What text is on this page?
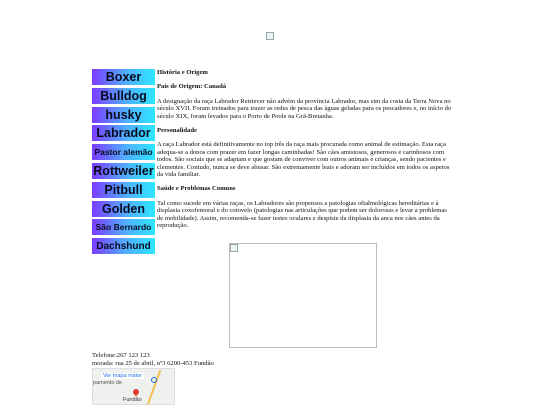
Boxer
Bulldog
husky
Labrador
Pastor alemão
Rottweiler
Pitbull
Golden
São Bernardo
Dachshund
História e Origem
País de Origem: Canadá

A designação da raça Labrador Retriever não advém da província Labrador, mas sim da costa da Terra Nova no século XVII. Foram treinados para trazer as redes de pesca das águas geladas para os pescadores e, no início do século XIX, foram levados para o Porto de Poole na Grã-Bretanha.

Personalidade

A raça Labrador está definitivamente no top três da raça mais procurada como animal de estimação. Esta raça adequa-se a donos com prazer em fazer longas caminhadas! São cães amistosos, generosos e carinhosos com todos. São sociais que se adaptam e que gostam de conviver com outros animais e crianças, sendo pacientes e clementes. Contudo, nunca se deve abusar. São extremamente leais e adoram ser incluídos em todos os aspetos da vida familiar.

Saúde e Problemas Comuns

Tal como sucede em várias raças, os Labradores são propensos a patologias oftalmológicas hereditárias e à displasia coxofemoral e do cotovelo (patologias nas articulações que podem ser dolorosas e levar a problemas de mobilidade). Assim, recomenda-se fazer testes oculares e despiste da displasia da anca nos cães antes da reprodução.

Telefone:267 123 123
morada: rua 25 de abril, nº3 6200-453 Fundão
Ver mapa maior
pamento de
Fundão
